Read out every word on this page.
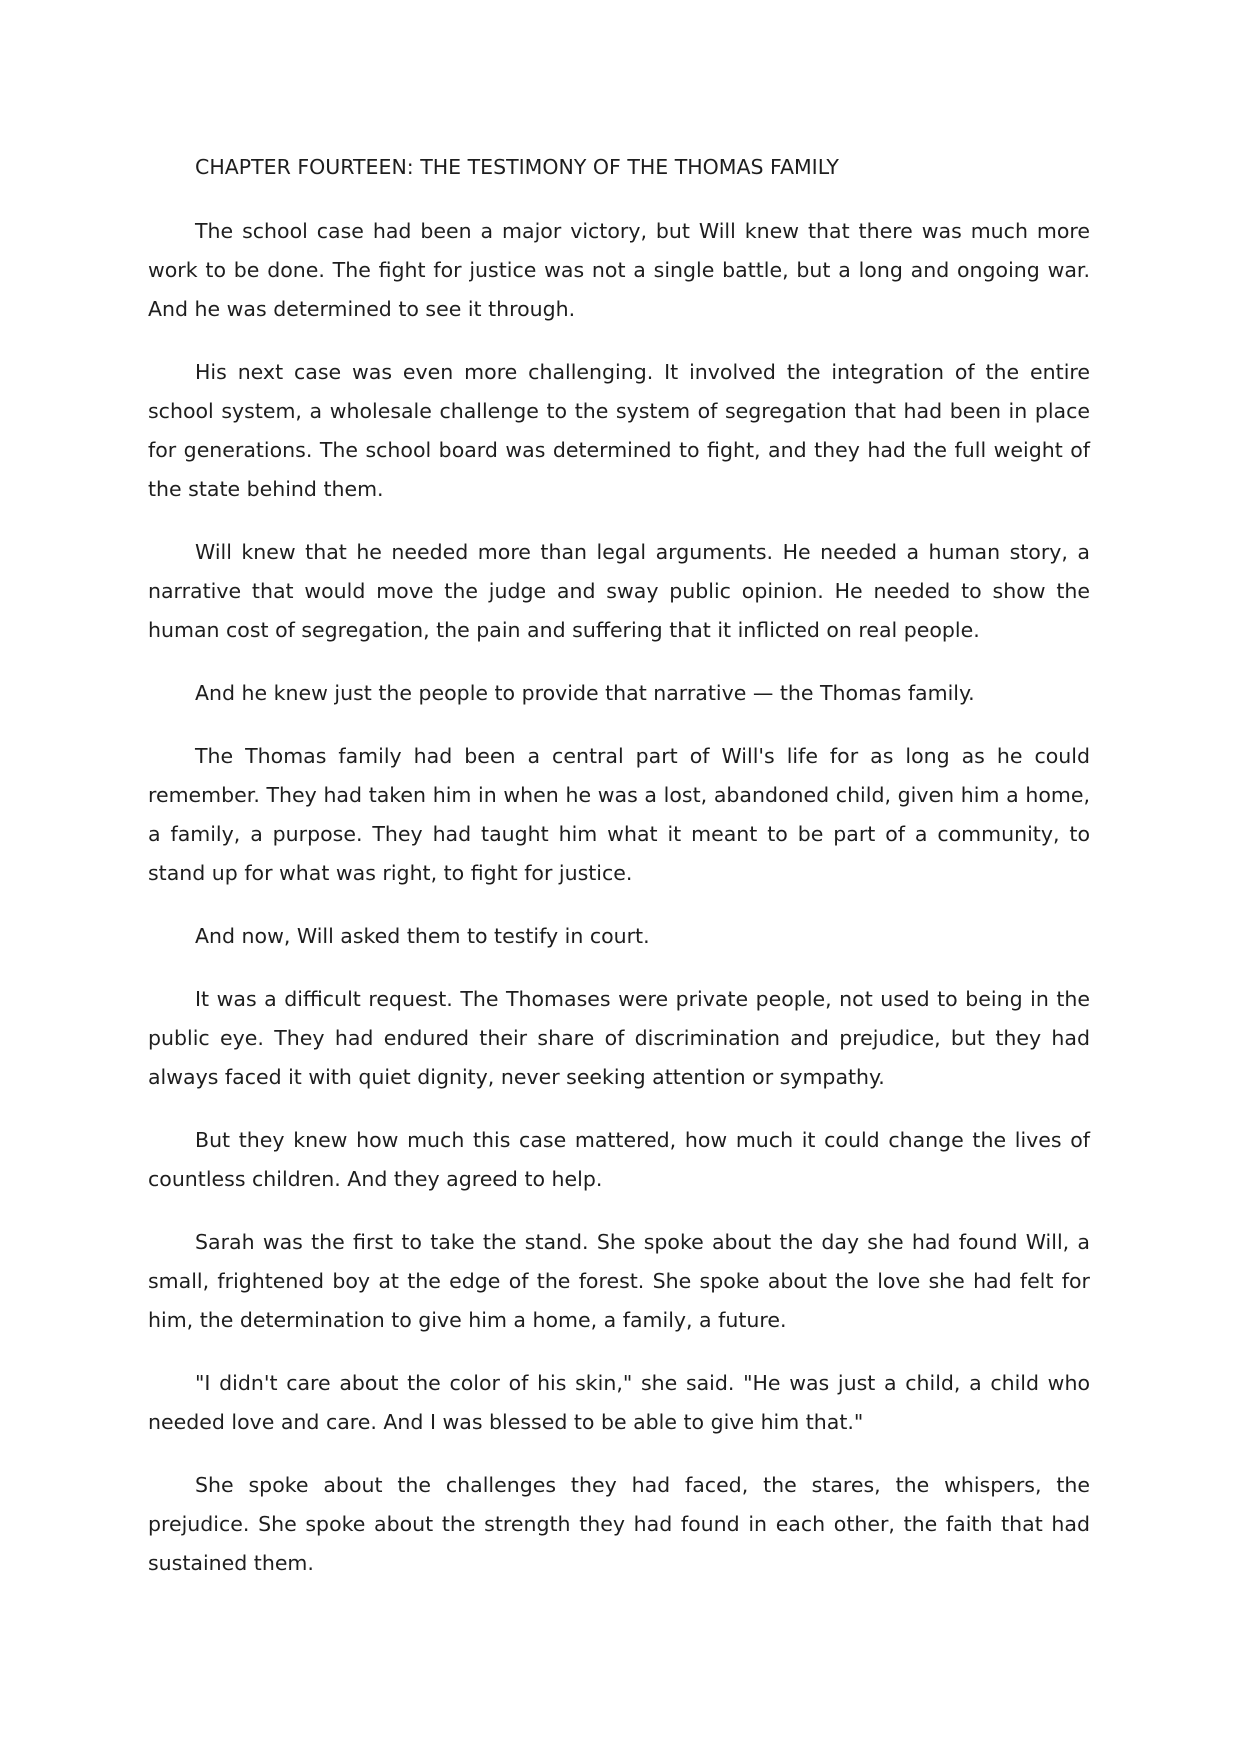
CHAPTER FOURTEEN: THE TESTIMONY OF THE THOMAS FAMILY

The school case had been a major victory, but Will knew that there was much more work to be done. The fight for justice was not a single battle, but a long and ongoing war. And he was determined to see it through.

His next case was even more challenging. It involved the integration of the entire school system, a wholesale challenge to the system of segregation that had been in place for generations. The school board was determined to fight, and they had the full weight of the state behind them.

Will knew that he needed more than legal arguments. He needed a human story, a narrative that would move the judge and sway public opinion. He needed to show the human cost of segregation, the pain and suffering that it inflicted on real people.

And he knew just the people to provide that narrative — the Thomas family.

The Thomas family had been a central part of Will's life for as long as he could remember. They had taken him in when he was a lost, abandoned child, given him a home, a family, a purpose. They had taught him what it meant to be part of a community, to stand up for what was right, to fight for justice.

And now, Will asked them to testify in court.

It was a difficult request. The Thomases were private people, not used to being in the public eye. They had endured their share of discrimination and prejudice, but they had always faced it with quiet dignity, never seeking attention or sympathy.

But they knew how much this case mattered, how much it could change the lives of countless children. And they agreed to help.

Sarah was the first to take the stand. She spoke about the day she had found Will, a small, frightened boy at the edge of the forest. She spoke about the love she had felt for him, the determination to give him a home, a family, a future.

"I didn't care about the color of his skin," she said. "He was just a child, a child who needed love and care. And I was blessed to be able to give him that."

She spoke about the challenges they had faced, the stares, the whispers, the prejudice. She spoke about the strength they had found in each other, the faith that had sustained them.
